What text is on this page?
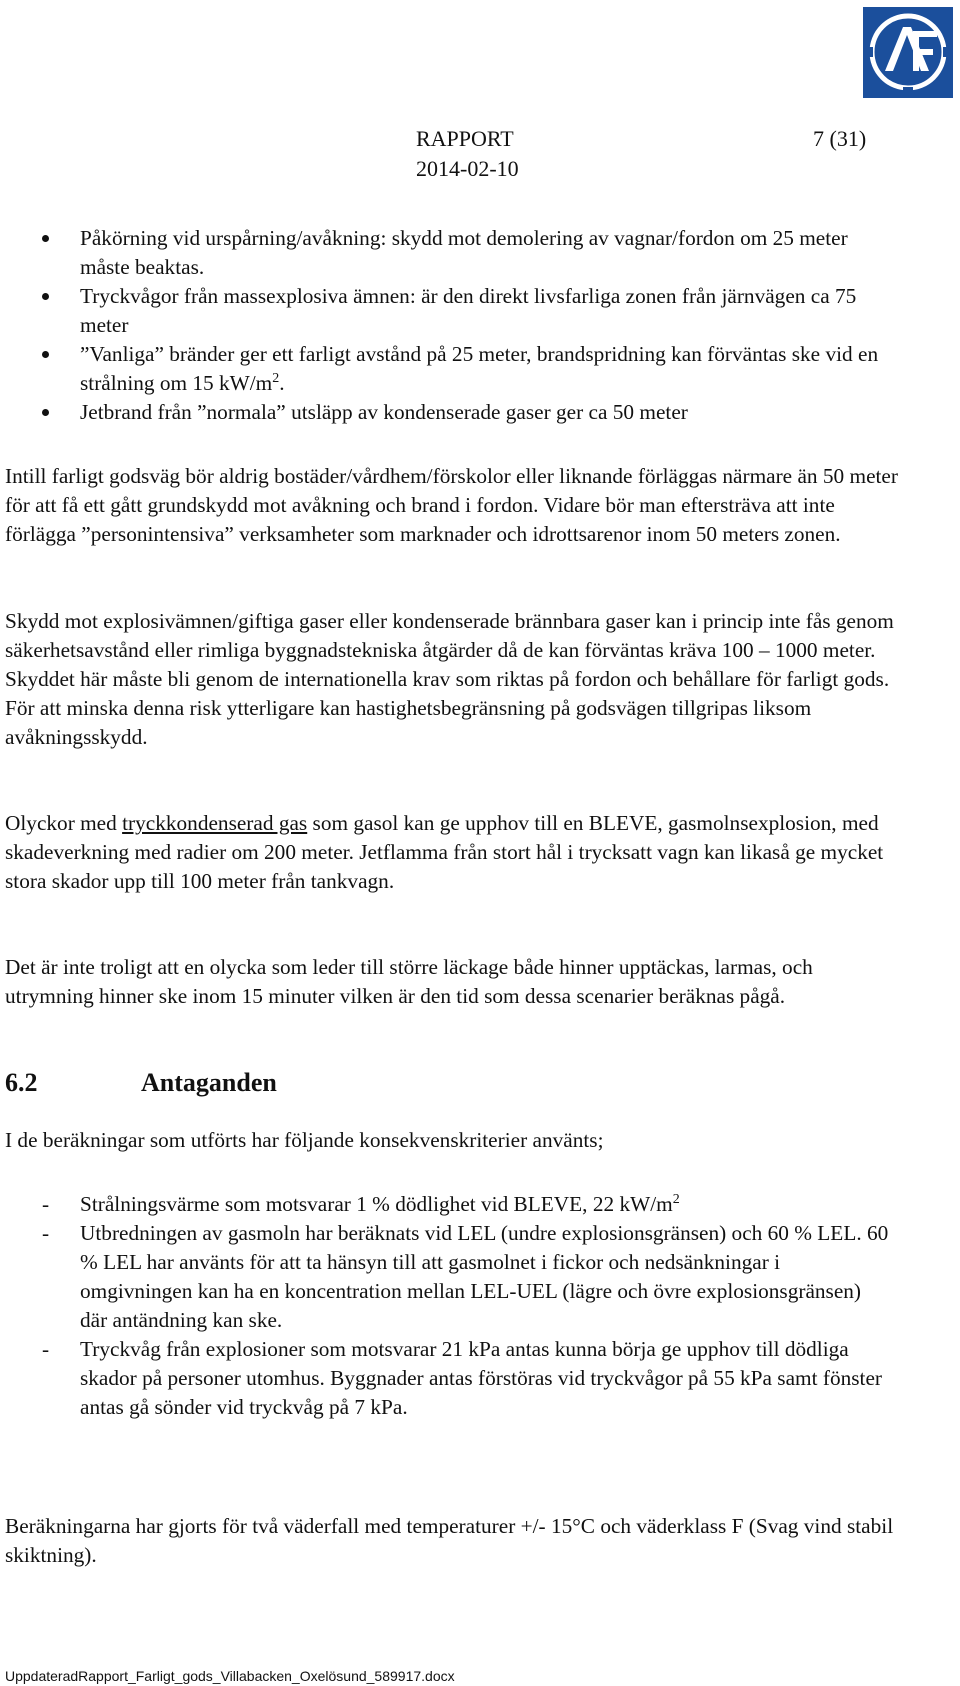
RAPPORT	7 (31)
2014-02-10
Påkörning vid urspårning/avåkning: skydd mot demolering av vagnar/fordon om 25 meter måste beaktas.
Tryckvågor från massexplosiva ämnen: är den direkt livsfarliga zonen från järnvägen ca 75 meter
”Vanliga” bränder ger ett farligt avstånd på 25 meter, brandspridning kan förväntas ske vid en strålning om 15 $kW/m^2$.
Jetbrand från ”normala” utsläpp av kondenserade gaser ger ca 50 meter

Intill farligt godsväg bör aldrig bostäder/vårdhem/förskolor eller liknande förläggas närmare än 50 meter för att få ett gått grundskydd mot avåkning och brand i fordon. Vidare bör man eftersträva att inte förlägga ”personintensiva” verksamheter som marknader och idrottsarenor inom 50 meters zonen.

Skydd mot explosivämnen/giftiga gaser eller kondenserade brännbara gaser kan i princip inte fås genom säkerhetsavstånd eller rimliga byggnadstekniska åtgärder då de kan förväntas kräva 100 – 1000 meter. Skyddet här måste bli genom de internationella krav som riktas på fordon och behållare för farligt gods. För att minska denna risk ytterligare kan hastighetsbegränsning på godsvägen tillgripas liksom avåkningsskydd.

Olyckor med tryckkondenserad gas som gasol kan ge upphov till en BLEVE, gasmolnsexplosion, med skadeverkning med radier om 200 meter. Jetflamma från stort hål i trycksatt vagn kan likaså ge mycket stora skador upp till 100 meter från tankvagn.

Det är inte troligt att en olycka som leder till större läckage både hinner upptäckas, larmas, och utrymning hinner ske inom 15 minuter vilken är den tid som dessa scenarier beräknas pågå.

6.2	Antaganden

I de beräkningar som utförts har följande konsekvenskriterier använts;

- Strålningsvärme som motsvarar 1 % dödlighet vid BLEVE, 22 $kW/m^2$
- Utbredningen av gasmoln har beräknats vid LEL (undre explosionsgränsen) och 60 % LEL. 60 % LEL har använts för att ta hänsyn till att gasmolnet i fickor och nedsänkningar i omgivningen kan ha en koncentration mellan LEL-UEL (lägre och övre explosionsgränsen) där antändning kan ske.
- Tryckvåg från explosioner som motsvarar 21 kPa antas kunna börja ge upphov till dödliga skador på personer utomhus. Byggnader antas förstöras vid tryckvågor på 55 kPa samt fönster antas gå sönder vid tryckvåg på 7 kPa.

Beräkningarna har gjorts för två väderfall med temperaturer +/- 15°C och väderklass F (Svag vind stabil skiktning).

UppdateradRapport_Farligt_gods_Villabacken_Oxelösund_589917.docx
